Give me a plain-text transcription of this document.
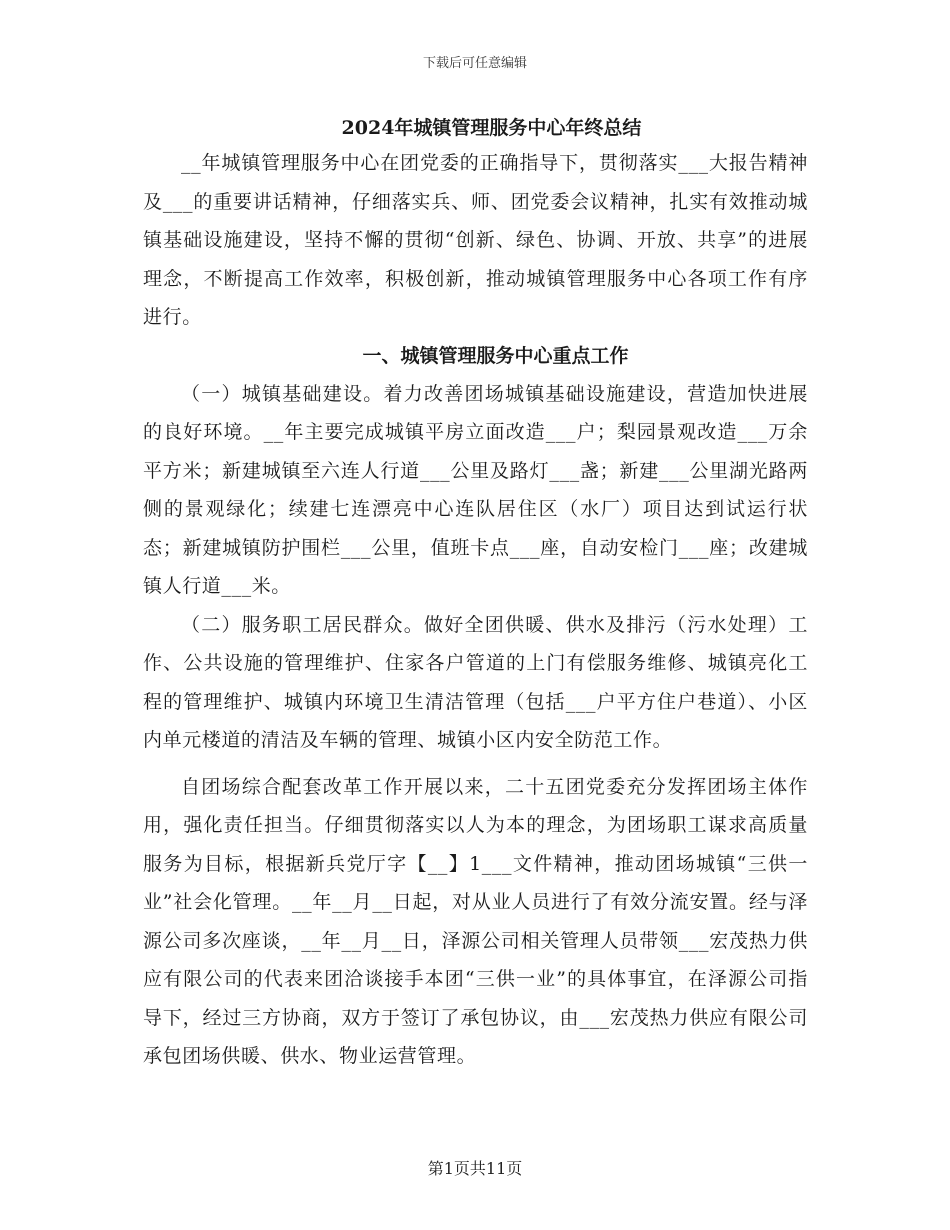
下载后可任意编辑
2024年城镇管理服务中心年终总结

__年城镇管理服务中心在团党委的正确指导下，贯彻落实___大报告精神及___的重要讲话精神，仔细落实兵、师、团党委会议精神，扎实有效推动城镇基础设施建设，坚持不懈的贯彻“创新、绿色、协调、开放、共享”的进展理念，不断提高工作效率，积极创新，推动城镇管理服务中心各项工作有序进行。

一、城镇管理服务中心重点工作

（一）城镇基础建设。着力改善团场城镇基础设施建设，营造加快进展的良好环境。__年主要完成城镇平房立面改造___户；梨园景观改造___万余平方米；新建城镇至六连人行道___公里及路灯___盏；新建___公里湖光路两侧的景观绿化；续建七连漂亮中心连队居住区（水厂）项目达到试运行状态；新建城镇防护围栏___公里，值班卡点___座，自动安检门___座；改建城镇人行道___米。

（二）服务职工居民群众。做好全团供暖、供水及排污（污水处理）工作、公共设施的管理维护、住家各户管道的上门有偿服务维修、城镇亮化工程的管理维护、城镇内环境卫生清洁管理（包括___户平方住户巷道）、小区内单元楼道的清洁及车辆的管理、城镇小区内安全防范工作。

自团场综合配套改革工作开展以来，二十五团党委充分发挥团场主体作用，强化责任担当。仔细贯彻落实以人为本的理念，为团场职工谋求高质量服务为目标，根据新兵党厅字【__】1___文件精神，推动团场城镇“三供一业”社会化管理。__年__月__日起，对从业人员进行了有效分流安置。经与泽源公司多次座谈，__年__月__日，泽源公司相关管理人员带领___宏茂热力供应有限公司的代表来团洽谈接手本团“三供一业”的具体事宜，在泽源公司指导下，经过三方协商，双方于签订了承包协议，由___宏茂热力供应有限公司承包团场供暖、供水、物业运营管理。

第1页共11页
